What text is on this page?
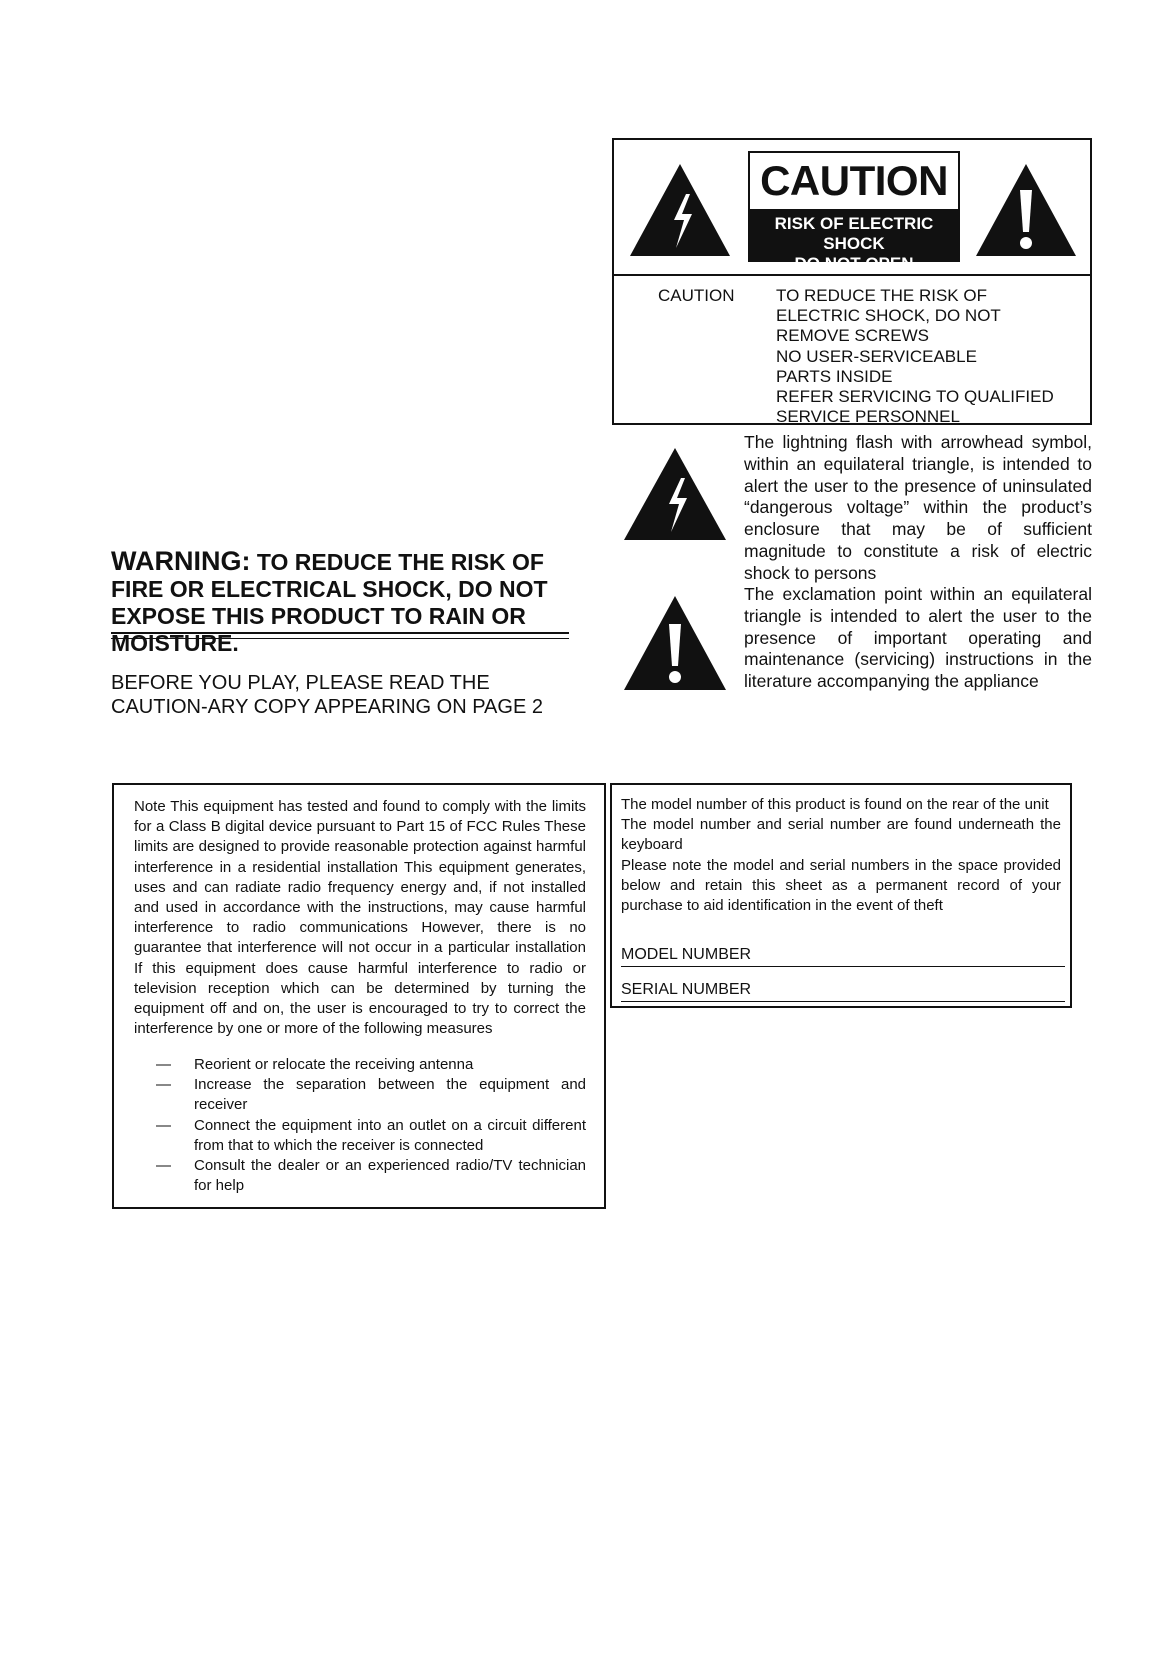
CAUTION
RISK OF ELECTRIC SHOCK
DO NOT OPEN
CAUTION TO REDUCE THE RISK OF
ELECTRIC SHOCK, DO NOT
REMOVE SCREWS
NO USER-SERVICEABLE
PARTS INSIDE
REFER SERVICING TO QUALIFIED
SERVICE PERSONNEL
The lightning flash with arrowhead symbol, within an equilateral triangle, is intended to alert the user to the presence of uninsulated “dangerous voltage” within the product’s enclosure that may be of sufficient magnitude to constitute a risk of electric shock to persons
The exclamation point within an equilateral triangle is intended to alert the user to the presence of important operating and maintenance (servicing) instructions in the literature accompanying the appliance
WARNING: TO REDUCE THE RISK OF FIRE OR ELECTRICAL SHOCK, DO NOT EXPOSE THIS PRODUCT TO RAIN OR MOISTURE.
BEFORE YOU PLAY, PLEASE READ THE CAUTION-ARY COPY APPEARING ON PAGE 2
Note This equipment has tested and found to comply with the limits for a Class B digital device pursuant to Part 15 of FCC Rules These limits are designed to provide reasonable protection against harmful interference in a residential installation This equipment generates, uses and can radiate radio frequency energy and, if not installed and used in accordance with the instructions, may cause harmful interference to radio communications However, there is no guarantee that interference will not occur in a particular installation If this equipment does cause harmful interference to radio or television reception which can be determined by turning the equipment off and on, the user is encouraged to try to correct the interference by one or more of the following measures
— Reorient or relocate the receiving antenna
— Increase the separation between the equipment and receiver
— Connect the equipment into an outlet on a circuit different from that to which the receiver is connected
— Consult the dealer or an experienced radio/TV technician for help

The model number of this product is found on the rear of the unit

The model number and serial number are found underneath the keyboard

Please note the model and serial numbers in the space provided below and retain this sheet as a permanent record of your purchase to aid identification in the event of theft

MODEL NUMBER
SERIAL NUMBER
